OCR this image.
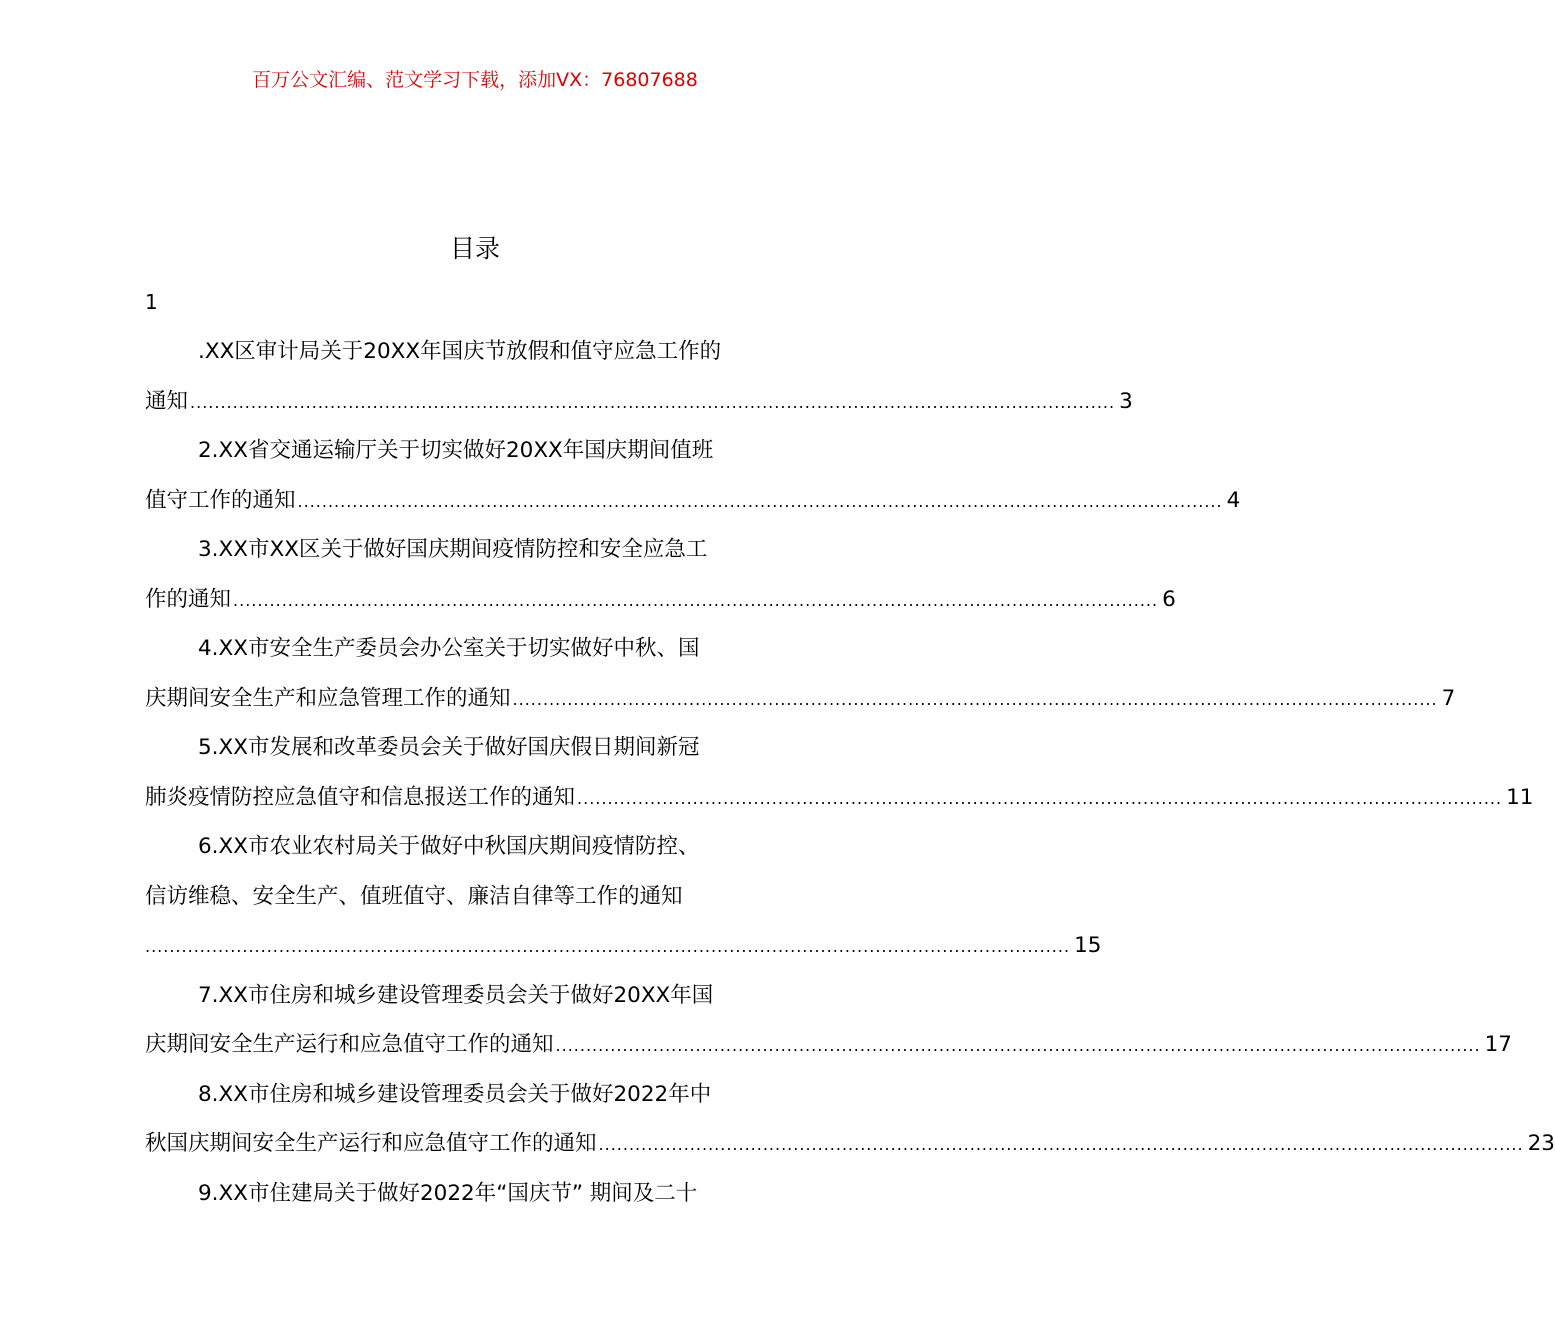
百万公文汇编、范文学习下载，添加VX：76807688
目录
1
.XX区审计局关于20XX年国庆节放假和值守应急工作的
通知 ........................................................................................................................................................ 3
2.XX省交通运输厅关于切实做好20XX年国庆期间值班
值守工作的通知 ........................................................................................................................................................ 4
3.XX市XX区关于做好国庆期间疫情防控和安全应急工
作的通知 ........................................................................................................................................................ 6
4.XX市安全生产委员会办公室关于切实做好中秋、国
庆期间安全生产和应急管理工作的通知 ........................................................................................................................................................ 7
5.XX市发展和改革委员会关于做好国庆假日期间新冠
肺炎疫情防控应急值守和信息报送工作的通知 ........................................................................................................................................................ 11
6.XX市农业农村局关于做好中秋国庆期间疫情防控、
信访维稳、安全生产、值班值守、廉洁自律等工作的通知
........................................................................................................................................................ 15
7.XX市住房和城乡建设管理委员会关于做好20XX年国
庆期间安全生产运行和应急值守工作的通知 ........................................................................................................................................................ 17
8.XX市住房和城乡建设管理委员会关于做好2022年中
秋国庆期间安全生产运行和应急值守工作的通知 ........................................................................................................................................................ 23
9.XX市住建局关于做好2022年“国庆节” 期间及二十
